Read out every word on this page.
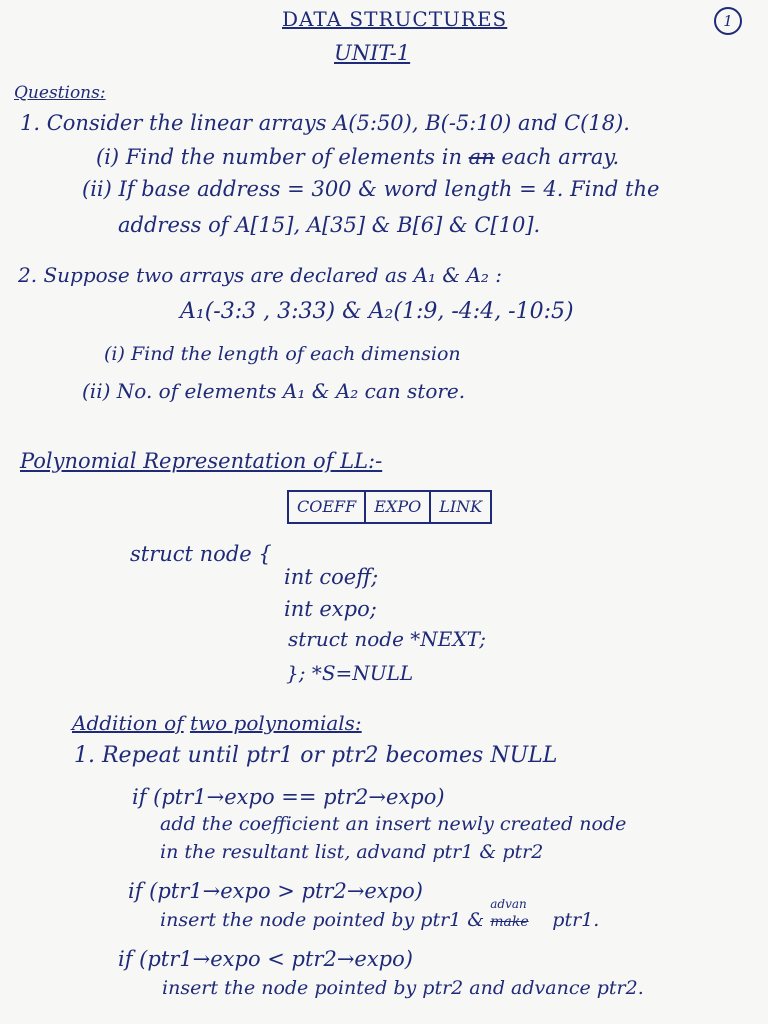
DATA STRUCTURES
UNIT-1
1
Questions:
1. Consider the linear arrays A(5:50), B(-5:10) and C(18).
(i) Find the number of elements in an each array.
(ii) If base address = 300 & word length = 4. Find the
address of A[15], A[35] & B[6] & C[10].
2. Suppose two arrays are declared as A₁ & A₂ :
A₁(-3:3 , 3:33) & A₂(1:9, -4:4, -10:5)
(i) Find the length of each dimension
(ii) No. of elements A₁ & A₂ can store.
Polynomial Representation of LL:-
COEFF	EXPO	LINK
struct node {
int coeff;
int expo;
struct node *NEXT;
}; *S=NULL
Addition of two polynomials:
1. Repeat until ptr1 or ptr2 becomes NULL
if (ptr1→expo == ptr2→expo)
add the coefficient an insert newly created node
in the resultant list, advand ptr1 & ptr2
if (ptr1→expo > ptr2→expo)
insert the node pointed by ptr1 & make
advan
ptr1.
if (ptr1→expo < ptr2→expo)
insert the node pointed by ptr2 and advance ptr2.
